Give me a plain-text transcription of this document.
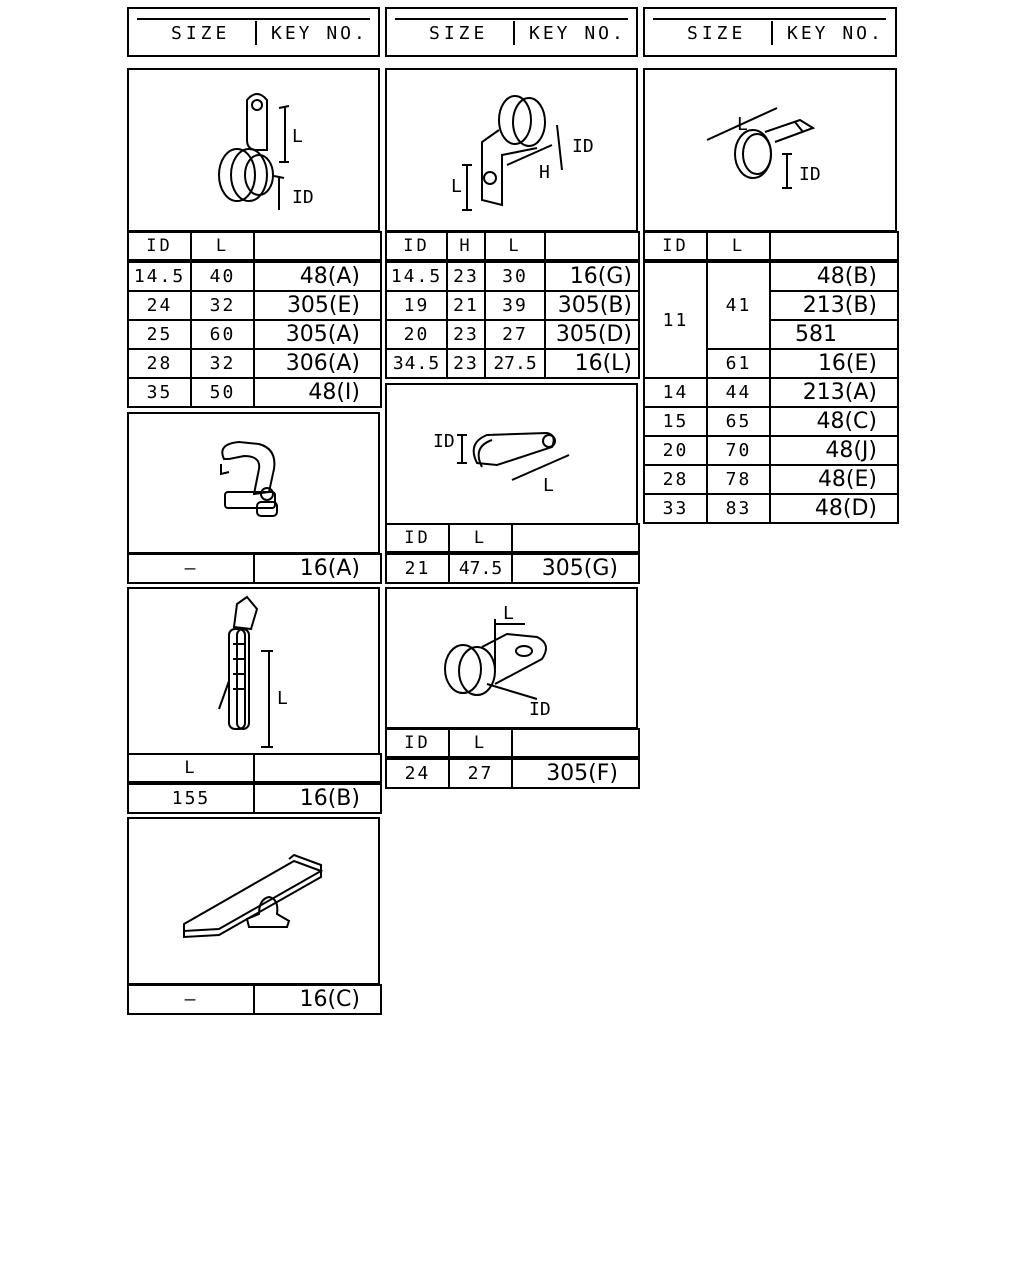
SIZE KEY NO.	SIZE KEY NO.	SIZE KEY NO.
L
ID
ID	L	
14.5	40	48(A)
24	32	305(E)
25	60	305(A)
28	32	306(A)
35	50	48(I)
—	16(A)
L
L	
155	16(B)
—	16(C)
ID
H
L
ID	H	L	
14.5	23	30	16(G)
19	21	39	305(B)
20	23	27	305(D)
34.5	23	27.5	16(L)
ID
L
ID	L	
21	47.5	305(G)
L
ID
ID	L	
24	27	305(F)
L
ID
ID	L	
11	41	48(B)
		213(B)
		581
	61	16(E)
14	44	213(A)
15	65	48(C)
20	70	48(J)
28	78	48(E)
33	83	48(D)
